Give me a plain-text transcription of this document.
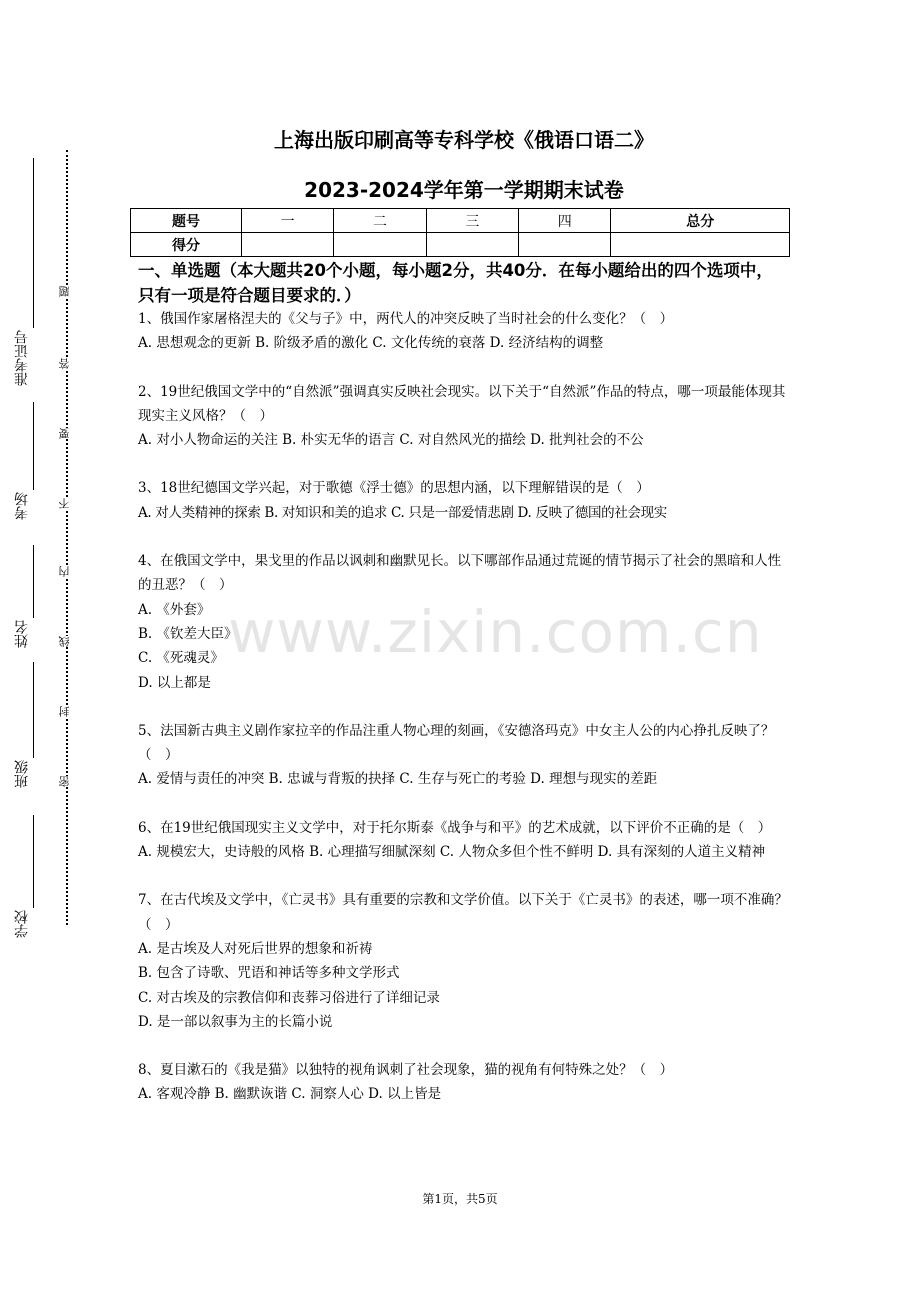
准考证号
考场
姓名
班级
学校
题
答
要
不
内
线
封
密
上海出版印刷高等专科学校《俄语口语二》
2023-2024学年第一学期期末试卷
题号	一	二	三	四	总分
得分					
一、单选题（本大题共20个小题，每小题2分，共40分．在每小题给出的四个选项中，只有一项是符合题目要求的．）

1、俄国作家屠格涅夫的《父与子》中，两代人的冲突反映了当时社会的什么变化？（　）

A. 思想观念的更新 B. 阶级矛盾的激化 C. 文化传统的衰落 D. 经济结构的调整

2、19世纪俄国文学中的“自然派”强调真实反映社会现实。以下关于“自然派”作品的特点，哪一项最能体现其现实主义风格？（　）

A. 对小人物命运的关注 B. 朴实无华的语言 C. 对自然风光的描绘 D. 批判社会的不公

3、18世纪德国文学兴起，对于歌德《浮士德》的思想内涵，以下理解错误的是（　）

A. 对人类精神的探索 B. 对知识和美的追求 C. 只是一部爱情悲剧 D. 反映了德国的社会现实

4、在俄国文学中，果戈里的作品以讽刺和幽默见长。以下哪部作品通过荒诞的情节揭示了社会的黑暗和人性的丑恶？（　）

A. 《外套》

B. 《钦差大臣》

C. 《死魂灵》

D. 以上都是

5、法国新古典主义剧作家拉辛的作品注重人物心理的刻画，《安德洛玛克》中女主人公的内心挣扎反映了？（　）

A. 爱情与责任的冲突 B. 忠诚与背叛的抉择 C. 生存与死亡的考验 D. 理想与现实的差距

6、在19世纪俄国现实主义文学中，对于托尔斯泰《战争与和平》的艺术成就，以下评价不正确的是（　）

A. 规模宏大，史诗般的风格 B. 心理描写细腻深刻 C. 人物众多但个性不鲜明 D. 具有深刻的人道主义精神

7、在古代埃及文学中，《亡灵书》具有重要的宗教和文学价值。以下关于《亡灵书》的表述，哪一项不准确？（　）

A. 是古埃及人对死后世界的想象和祈祷

B. 包含了诗歌、咒语和神话等多种文学形式

C. 对古埃及的宗教信仰和丧葬习俗进行了详细记录

D. 是一部以叙事为主的长篇小说

8、夏目漱石的《我是猫》以独特的视角讽刺了社会现象，猫的视角有何特殊之处？（　）

A. 客观冷静 B. 幽默诙谐 C. 洞察人心 D. 以上皆是

www.zixin.com.cn
第1页，共5页
